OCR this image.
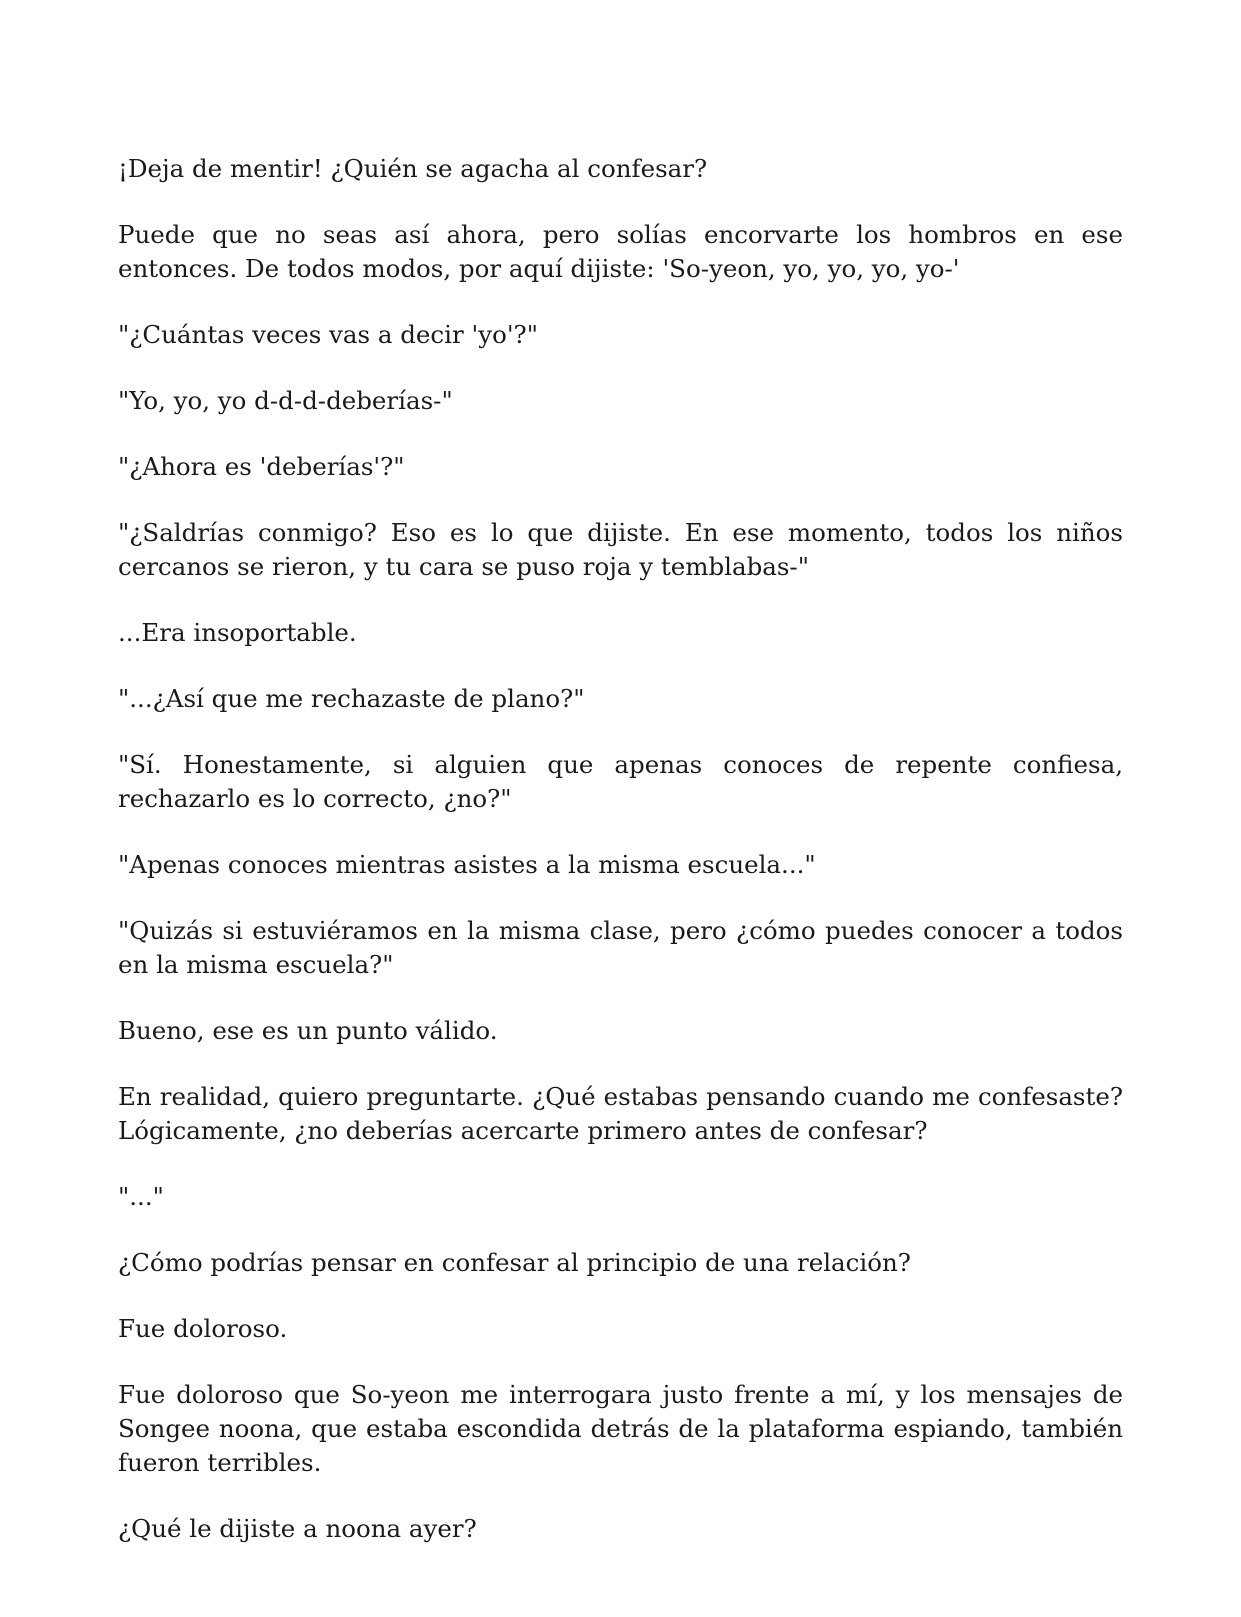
¡Deja de mentir! ¿Quién se agacha al confesar?

Puede que no seas así ahora, pero solías encorvarte los hombros en ese entonces. De todos modos, por aquí dijiste: 'So-yeon, yo, yo, yo, yo-'

"¿Cuántas veces vas a decir 'yo'?"

"Yo, yo, yo d-d-d-deberías-"

"¿Ahora es 'deberías'?"

"¿Saldrías conmigo? Eso es lo que dijiste. En ese momento, todos los niños cercanos se rieron, y tu cara se puso roja y temblabas-"

...Era insoportable.

"...¿Así que me rechazaste de plano?"

"Sí. Honestamente, si alguien que apenas conoces de repente confiesa, rechazarlo es lo correcto, ¿no?"

"Apenas conoces mientras asistes a la misma escuela..."

"Quizás si estuviéramos en la misma clase, pero ¿cómo puedes conocer a todos en la misma escuela?"

Bueno, ese es un punto válido.

En realidad, quiero preguntarte. ¿Qué estabas pensando cuando me confesaste? Lógicamente, ¿no deberías acercarte primero antes de confesar?

"..."

¿Cómo podrías pensar en confesar al principio de una relación?

Fue doloroso.

Fue doloroso que So-yeon me interrogara justo frente a mí, y los mensajes de Songee noona, que estaba escondida detrás de la plataforma espiando, también fueron terribles.

¿Qué le dijiste a noona ayer?
